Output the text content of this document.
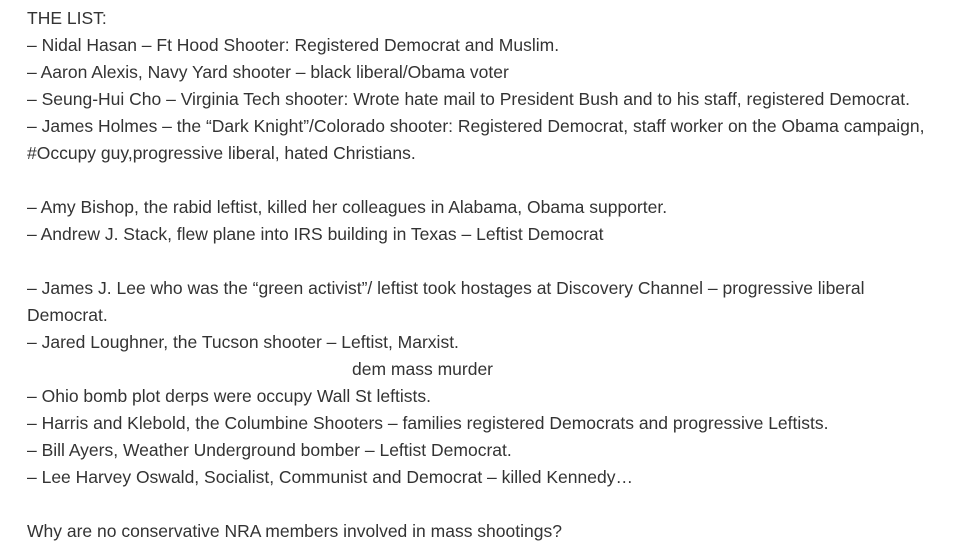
THE LIST:
– Nidal Hasan – Ft Hood Shooter: Registered Democrat and Muslim.
– Aaron Alexis, Navy Yard shooter – black liberal/Obama voter
– Seung-Hui Cho – Virginia Tech shooter: Wrote hate mail to President Bush and to his staff, registered Democrat.
– James Holmes – the “Dark Knight”/Colorado shooter: Registered Democrat, staff worker on the Obama campaign,
#Occupy guy,progressive liberal, hated Christians.
– Amy Bishop, the rabid leftist, killed her colleagues in Alabama, Obama supporter.
– Andrew J. Stack, flew plane into IRS building in Texas – Leftist Democrat
– James J. Lee who was the “green activist”/ leftist took hostages at Discovery Channel – progressive liberal
Democrat.
– Jared Loughner, the Tucson shooter – Leftist, Marxist.
dem mass murder
– Ohio bomb plot derps were occupy Wall St leftists.
– Harris and Klebold, the Columbine Shooters – families registered Democrats and progressive Leftists.
– Bill Ayers, Weather Underground bomber – Leftist Democrat.
– Lee Harvey Oswald, Socialist, Communist and Democrat – killed Kennedy…
Why are no conservative NRA members involved in mass shootings?
